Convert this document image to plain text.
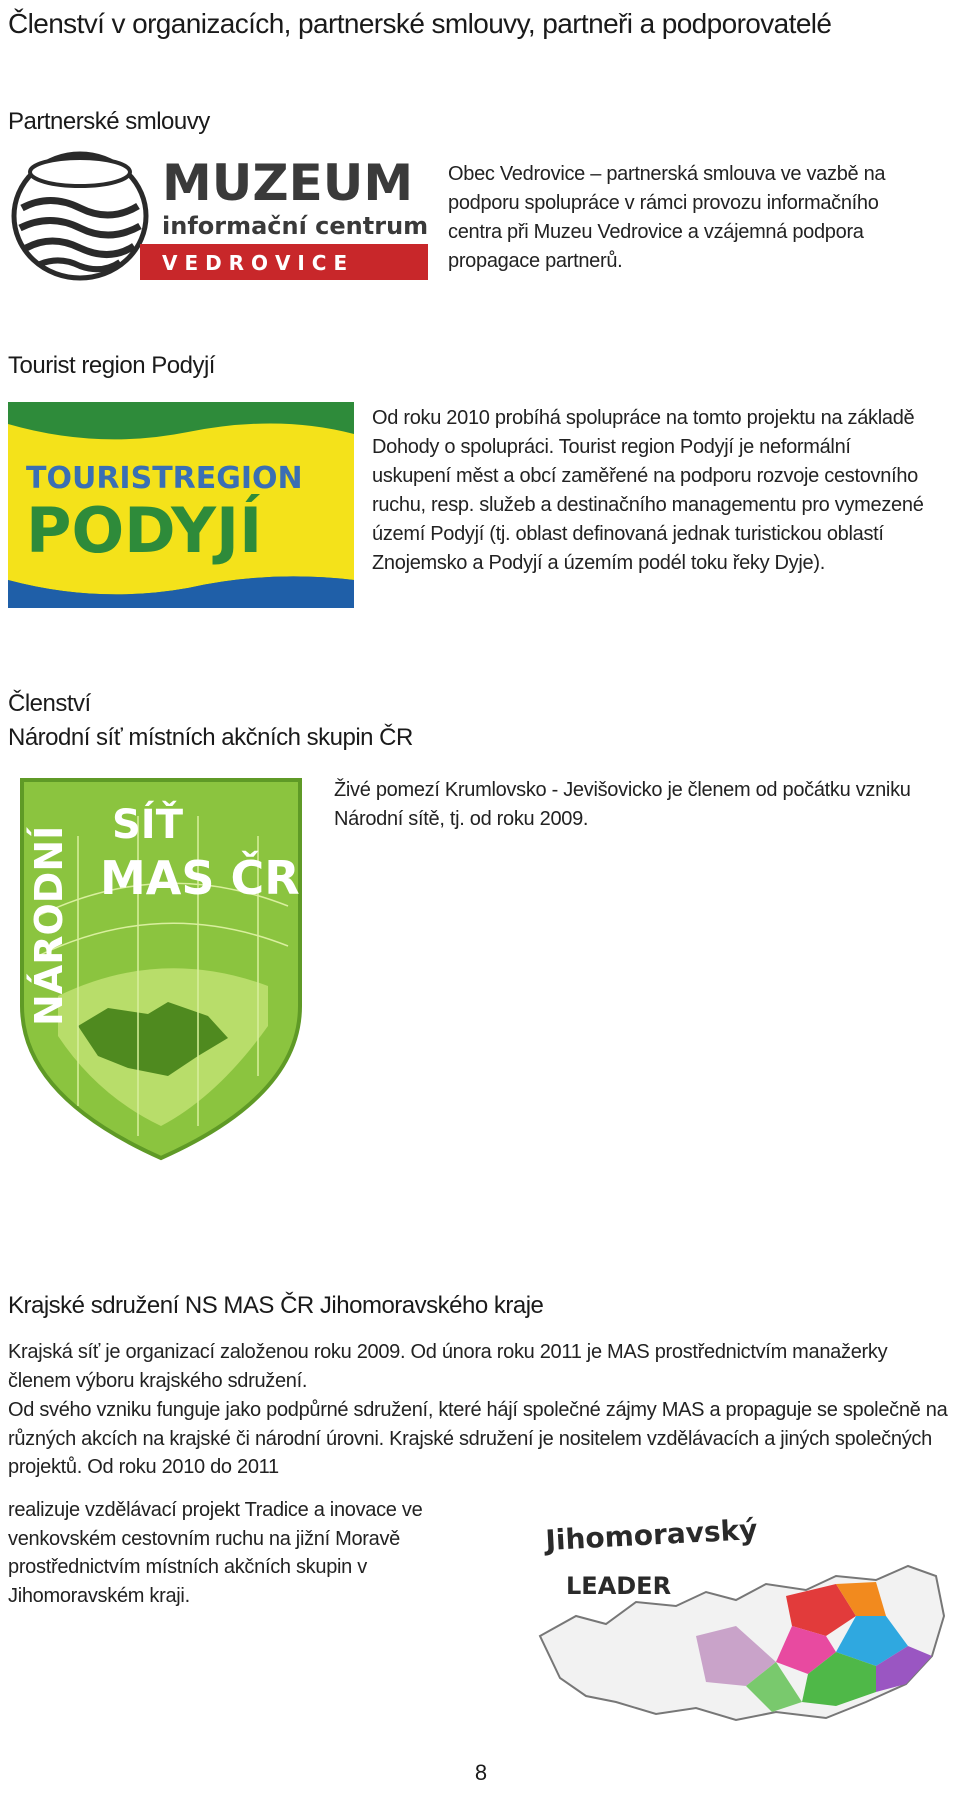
Členství v organizacích, partnerské smlouvy, partneři a podporovatelé
Partnerské smlouvy
MUZEUM
informační centrum
V E D R O V I C E

Obec Vedrovice – partnerská smlouva ve vazbě na podporu spolupráce v rámci provozu informačního centra při Muzeu Vedrovice a vzájemná podpora propagace partnerů.

Tourist region Podyjí
TOURISTREGION
PODYJÍ

Od roku 2010 probíhá spolupráce na tomto projektu na základě Dohody o spolupráci. Tourist region Podyjí je neformální uskupení měst a obcí zaměřené na podporu rozvoje cestovního ruchu, resp. služeb a destinačního managementu pro vymezené území Podyjí (tj. oblast definovaná jednak turistickou oblastí Znojemsko a Podyjí a územím podél toku řeky Dyje).

Členství
Národní síť místních akčních skupin ČR
NÁRODNÍ
SÍŤ
MAS ČR

Živé pomezí Krumlovsko - Jevišovicko je členem od počátku vzniku Národní sítě, tj. od roku 2009.

Krajské sdružení NS MAS ČR Jihomoravského kraje

Krajská síť je organizací založenou roku 2009. Od února roku 2011 je MAS prostřednictvím manažerky členem výboru krajského sdružení.

Od svého vzniku funguje jako podpůrné sdružení, které hájí společné zájmy MAS a propaguje se společně na různých akcích na krajské či národní úrovni. Krajské sdružení je nositelem vzdělávacích a jiných společných projektů. Od roku 2010 do 2011

realizuje vzdělávací projekt Tradice a inovace ve venkovském cestovním ruchu na jižní Moravě prostřednictvím místních akčních skupin v Jihomoravském kraji.

Jihomoravský
LEADER
8
